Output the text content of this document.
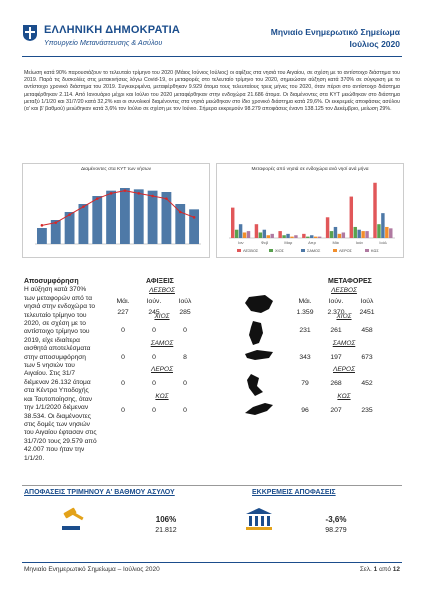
ΕΛΛΗΝΙΚΗ ΔΗΜΟΚΡΑΤΙΑ
Υπουργείο Μετανάστευσης & Ασύλου
Μηνιαίο Ενημερωτικό Σημείωμα
Ιούλιος 2020
Μείωση κατά 90% παρουσιάζουν το τελευταίο τρίμηνο του 2020 (Μάιος Ιούνιος Ιούλιος) οι αφίξεις στα νησιά του Αιγαίου, σε σχέση με το αντίστοιχο διάστημα του 2019. Παρά τις δυσκολίες στις μετακινήσεις λόγω Covid-19, οι μεταφορές στο τελευταίο τρίμηνο του 2020, σημειώσαν αύξηση κατά 370% σε σύγκριση με το αντίστοιχο χρονικό διάστημα του 2019. Συγκεκριμένα, μεταφέρθηκαν 9.929 άτομα τους τελευταίους τρεις μήνες του 2020, όταν πέρσι στο αντίστοιχο διάστημα μεταφέρθηκαν 2.114. Από Ιανουάριο μέχρι και Ιούλιο του 2020 μεταφέρθηκαν στην ενδοχώρα 21.686 άτομα. Οι διαμένοντες στα ΚΥΤ μειώθηκαν στο διάστημα μεταξύ 1/1/20 και 31/7/20 κατά 32,2% και οι συνολικοί διαμένοντες στα νησιά μειώθηκαν στο ίδιο χρονικό διάστημα κατά 29,6%. Οι εκκρεμείς αποφάσεις ασύλου (α' και β' βαθμού) μειώθηκαν κατά 3,6% τον Ιούλιο σε σχέση με τον Ιούνιο. Σήμερα εκκρεμούν 98.279 αποφάσεις έναντι 138.125 τον Δεκέμβριο, μείωση 29%.
Διαμένοντες στα ΚΥΤ των νήσων	Μεταφορές από νησιά σε ενδοχώρα ανά νησί ανά μήνα
Ιαν	Φεβ	Μαρ	Απρ	Μάι	Ιούν	Ιούλ
ΛΕΣΒΟΣ	ΧΙΟΣ	ΣΑΜΟΣ	ΛΕΡΟΣ	ΚΩΣ
Αποσυμφόρηση
Η αύξηση κατά 370% των μεταφορών από τα νησιά στην ενδοχώρα το τελευταίο τρίμηνο του 2020, σε σχέση με το αντίστοιχο τρίμηνο του 2019, είχε ιδιαίτερα αισθητά αποτελέσματα στην αποσυμφόρηση των 5 νησιών του Αιγαίου. Στις 31/7 διέμεναν 26.132 άτομα στα Κέντρα Υποδοχής και Ταυτοποίησης, όταν την 1/1/2020 διέμεναν 38.534. Οι διαμένοντες στις δομές των νησιών του Αιγαίου έφτασαν στις 31/7/20 τους 29.579 από 42.007 που ήταν την 1/1/20.
ΑΦΙΞΕΙΣ	ΜΕΤΑΦΟΡΕΣ
ΛΕΣΒΟΣ	ΛΕΣΒΟΣ
Μάι.	Ιούν.	Ιούλ	Μάι.	Ιούν.	Ιούλ
227	245	285	1.359	2.370	2451
ΧΙΟΣ	ΧΙΟΣ
0	0	0	231	261	458
ΣΑΜΟΣ	ΣΑΜΟΣ
0	0	8	343	197	673
ΛΕΡΟΣ	ΛΕΡΟΣ
0	0	0	79	268	452
ΚΩΣ	ΚΩΣ
0	0	0	96	207	235
ΑΠΟΦΑΣΕΙΣ ΤΡΙΜΗΝΟΥ Α' ΒΑΘΜΟΥ ΑΣΥΛΟΥ
106%
21.812
ΕΚΚΡΕΜΕΙΣ ΑΠΟΦΑΣΕΙΣ
-3,6%
98.279
Μηνιαίο Ενημερωτικό Σημείωμα – Ιούλιος 2020	Σελ. 1 από 12
